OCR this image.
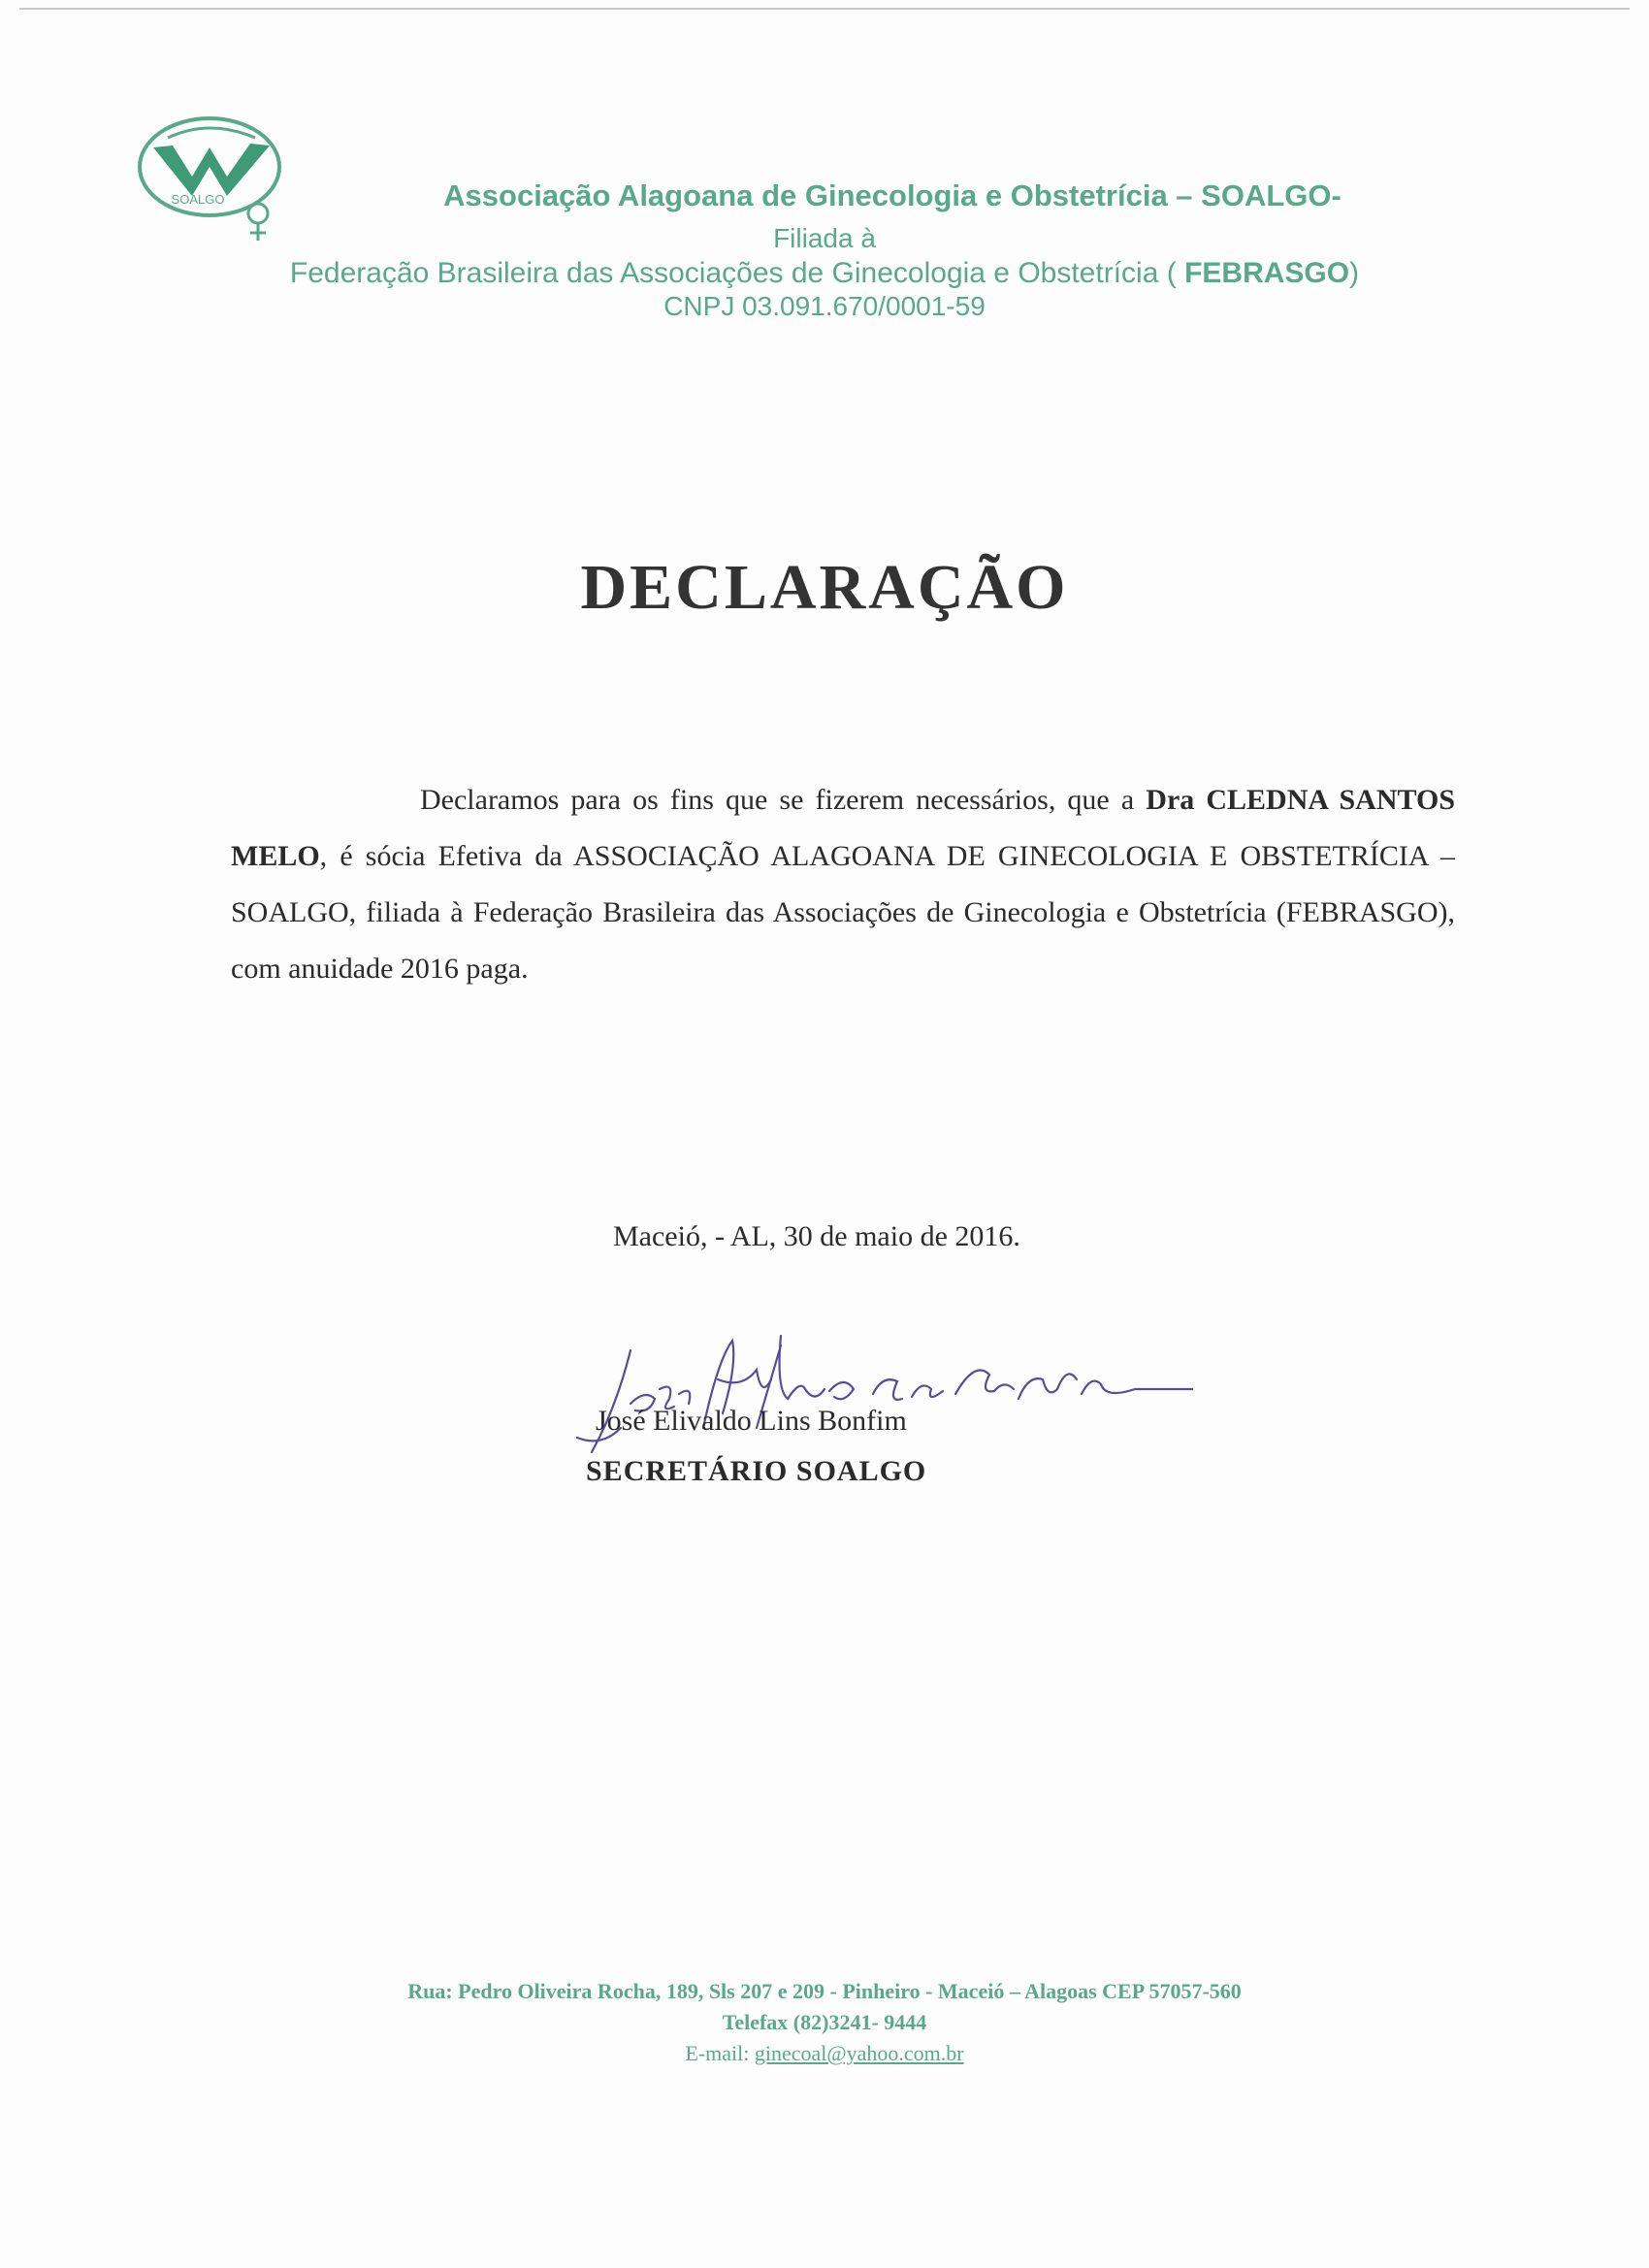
SOALGO	Associação Alagoana de Ginecologia e Obstetrícia – SOALGO-
Filiada à
Federação Brasileira das Associações de Ginecologia e Obstetrícia ( FEBRASGO)
CNPJ 03.091.670/0001-59
DECLARAÇÃO
Declaramos para os fins que se fizerem necessários, que a Dra CLEDNA SANTOS MELO, é sócia Efetiva da ASSOCIAÇÃO ALAGOANA DE GINECOLOGIA E OBSTETRÍCIA – SOALGO, filiada à Federação Brasileira das Associações de Ginecologia e Obstetrícia (FEBRASGO), com anuidade 2016 paga.
Maceió, - AL, 30 de maio de 2016.
José Elivaldo Lins Bonfim
SECRETÁRIO SOALGO
Rua: Pedro Oliveira Rocha, 189, Sls 207 e 209 - Pinheiro - Maceió – Alagoas CEP 57057-560
Telefax (82)3241- 9444
E-mail: ginecoal@yahoo.com.br
